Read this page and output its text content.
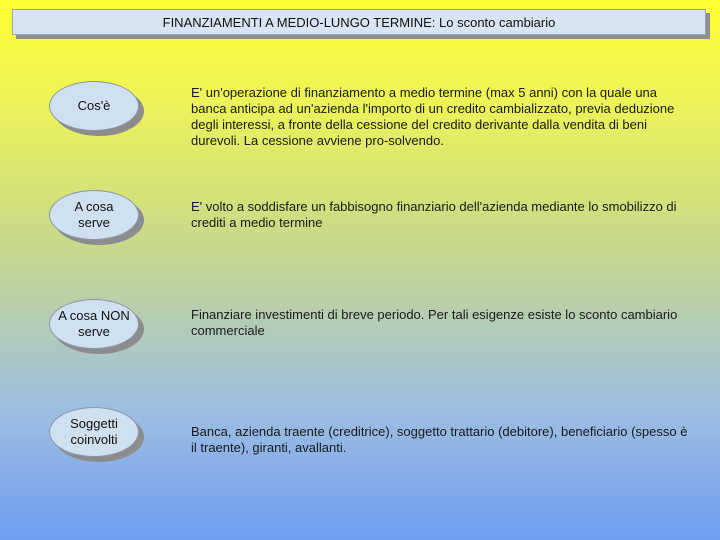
FINANZIAMENTI A MEDIO-LUNGO TERMINE: Lo sconto cambiario
Cos'è
E' un'operazione di finanziamento a medio termine (max 5 anni) con la quale una banca anticipa ad un'azienda l'importo di un credito cambializzato, previa deduzione degli interessi, a fronte della cessione del credito derivante dalla vendita di beni durevoli. La cessione avviene pro-solvendo.
A cosa serve
E' volto a soddisfare un fabbisogno finanziario dell'azienda mediante lo smobilizzo di crediti a medio termine
A cosa NON serve
Finanziare investimenti di breve periodo. Per tali esigenze esiste lo sconto cambiario commerciale
Soggetti coinvolti
Banca, azienda traente (creditrice), soggetto trattario (debitore), beneficiario (spesso è il traente), giranti, avallanti.
